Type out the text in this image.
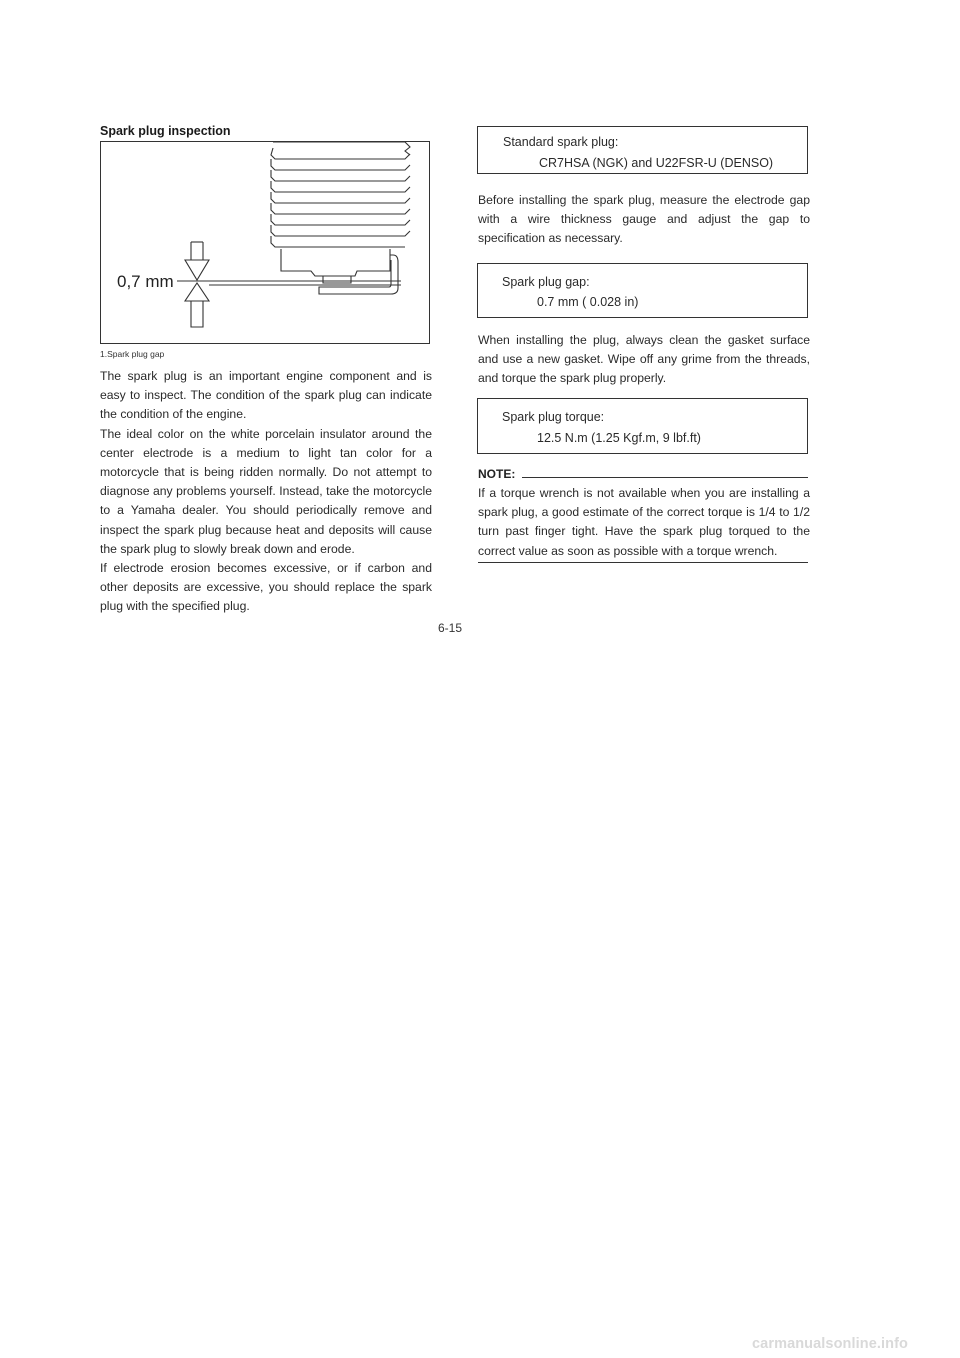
Spark plug inspection
0,7 mm
1.Spark plug gap

The spark plug is an important engine component and is easy to inspect. The condition of the spark plug can indicate the condition of the engine.

The ideal color on the white porcelain insulator around the center electrode is a medium to light tan color for a motorcycle that is being ridden normally. Do not attempt to diagnose any problems yourself. Instead, take the motorcycle to a Yamaha dealer. You should periodically remove and inspect the spark plug because heat and deposits will cause the spark plug to slowly break down and erode.

If electrode erosion becomes excessive, or if carbon and other deposits are excessive, you should replace the spark plug with the specified plug.

Standard spark plug:
CR7HSA (NGK) and U22FSR-U (DENSO)

Before installing the spark plug, measure the electrode gap with a wire thickness gauge and adjust the gap to specification as necessary.

Spark plug gap:
0.7 mm ( 0.028 in)

When installing the plug, always clean the gasket surface and use a new gasket. Wipe off any grime from the threads, and torque the spark plug properly.

Spark plug torque:
12.5 N.m (1.25 Kgf.m, 9 lbf.ft)
NOTE:

If a torque wrench is not available when you are installing a spark plug, a good estimate of the correct torque is 1/4 to 1/2 turn past finger tight. Have the spark plug torqued to the correct value as soon as possible with a torque wrench.

6-15
carmanualsonline.info
